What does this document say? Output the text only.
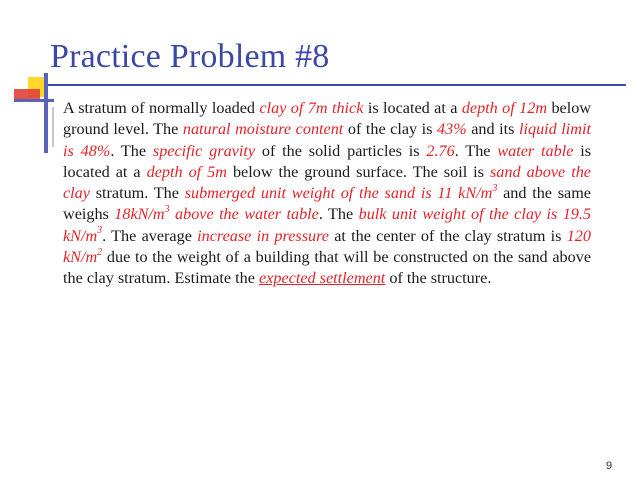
Practice Problem #8
A stratum of normally loaded clay of 7m thick is located at a depth of 12m below ground level. The natural moisture content of the clay is 43% and its liquid limit is 48%. The specific gravity of the solid particles is 2.76. The water table is located at a depth of 5m below the ground surface. The soil is sand above the clay stratum. The submerged unit weight of the sand is 11 $kN/m^3$ and the same weighs $18kN/m^3$ above the water table. The bulk unit weight of the clay is 19.5 $kN/m^3$. The average increase in pressure at the center of the clay stratum is 120 $kN/m^2$ due to the weight of a building that will be constructed on the sand above the clay stratum. Estimate the expected settlement of the structure.
9
